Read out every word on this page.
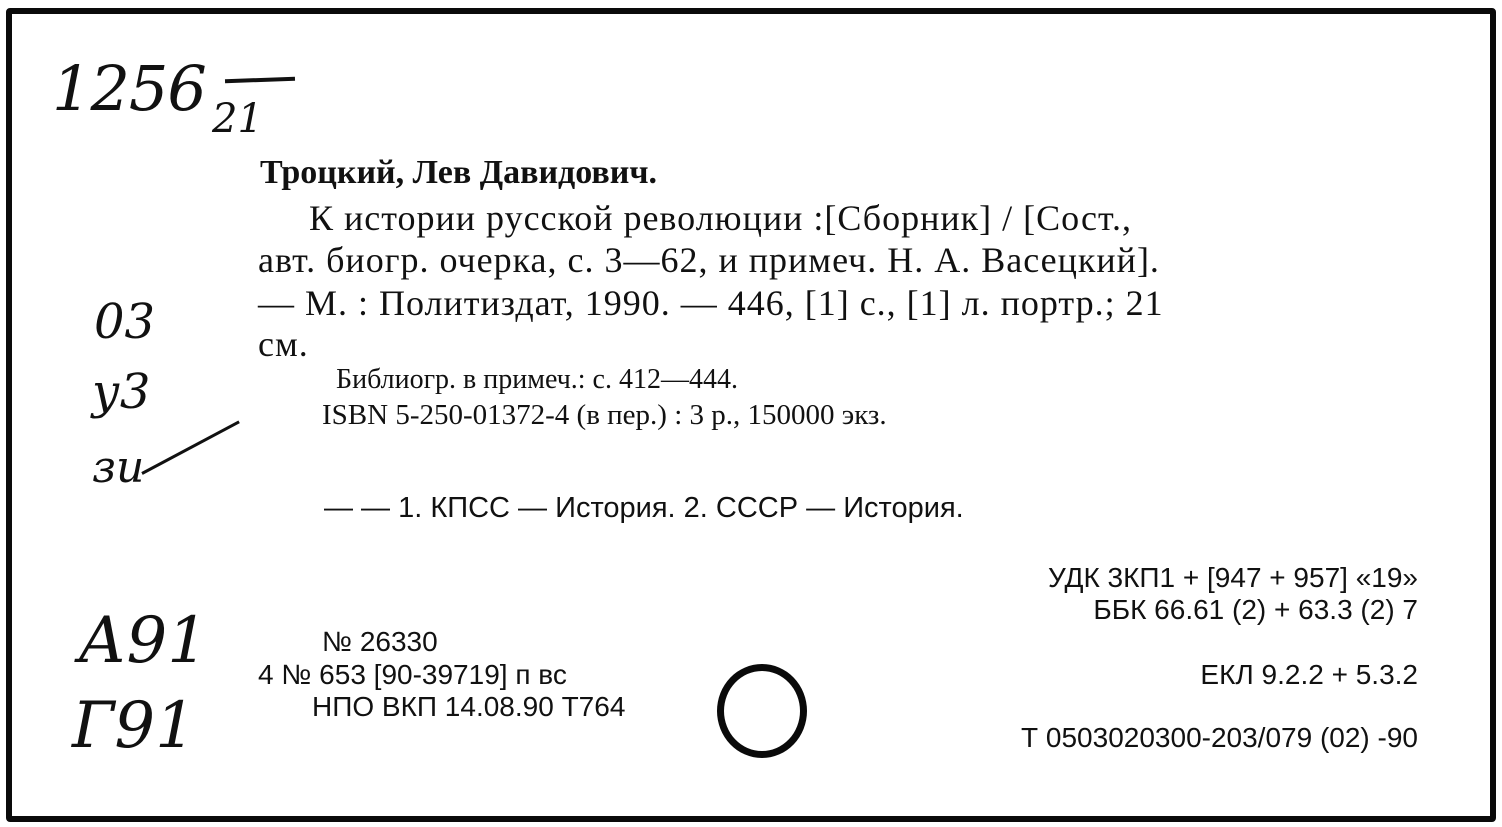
1256 21
03
у3
зи
А91
Г91
Троцкий, Лев Давидович.
К истории русской революции :[Сборник] / [Сост.,
авт. биогр. очерка, с. 3—62, и примеч. Н. А. Васецкий].
— М. : Политиздат, 1990. — 446, [1] с., [1] л. портр.; 21
см.
Библиогр. в примеч.: с. 412—444.
ISBN 5-250-01372-4 (в пер.) : 3 р., 150000 экз.
— — 1. КПСС — История. 2. СССР — История.
УДК 3КП1 + [947 + 957] «19»
ББК 66.61 (2) + 63.3 (2) 7
ЕКЛ 9.2.2 + 5.3.2
Т 0503020300-203/079 (02) -90
№ 26330
4 № 653 [90-39719] п вс
НПО ВКП 14.08.90 Т764
